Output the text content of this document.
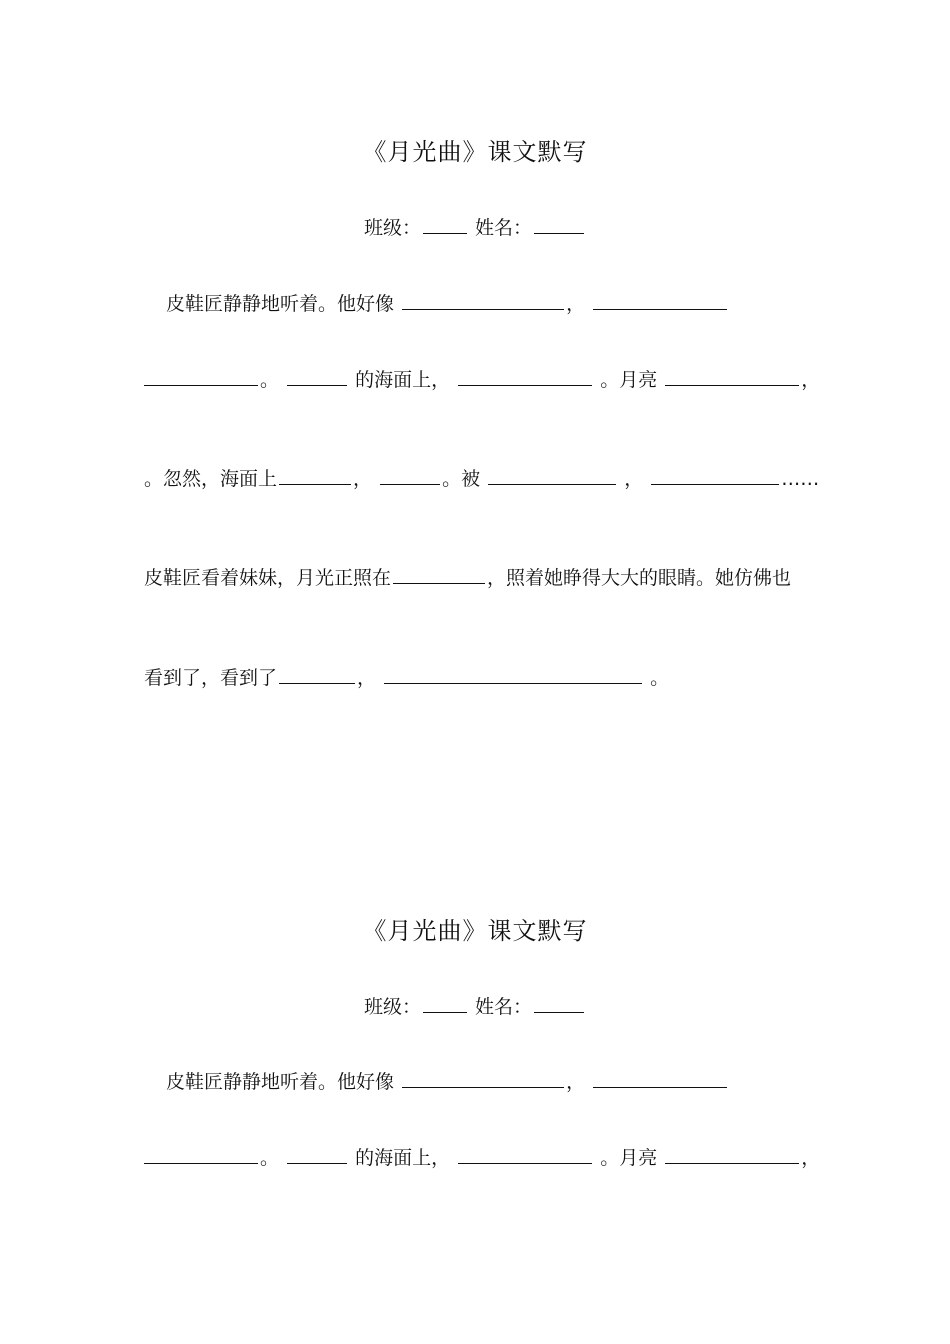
《月光曲》课文默写
班级：	姓名：
皮鞋匠静静地听着。他好像	，
。	的海面上，	。月亮	，
。忽然，海面上	，	。被	，	……
皮鞋匠看着妹妹，月光正照在	，照着她睁得大大的眼睛。她仿佛也
看到了，看到了	，	。
《月光曲》课文默写
班级：	姓名：
皮鞋匠静静地听着。他好像	，
。	的海面上，	。月亮	，
